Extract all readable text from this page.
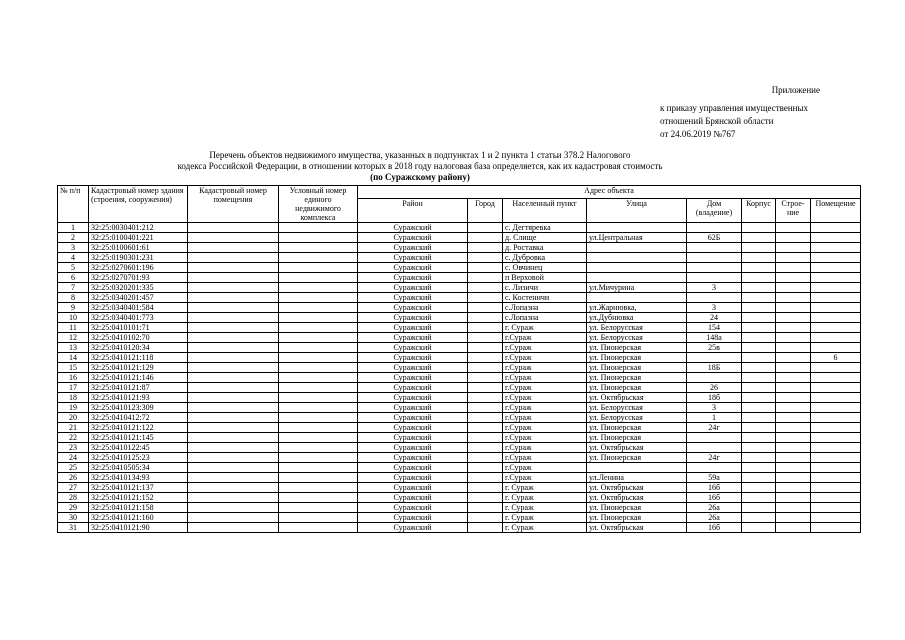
Приложение
к приказу управления имущественных
отношений Брянской области
от 24.06.2019 №767
Перечень объектов недвижимого имущества, указанных в подпунктах 1 и 2 пункта 1 статьи 378.2 Налогового
кодекса Российской Федерации, в отношении которых в 2018 году налоговая база определяется, как их кадастровая стоимость
(по Суражскому району)
№ п/п	Кадастровый номер здания (строения, сооружения)	Кадастровый номер помещения	Условный номер единого недвижимого комплекса	Адрес объекта							
				Район	Город	Населенный пункт	Улица	Дом (владение)	Корпус	Строе-ние	Помещение
1	32:25:0030401:212			Суражский		с. Дегтяревка					
2	32:25:0100401:221			Суражский		д. Слище	ул.Центральная	62Б			
3	32:25:0100601:61			Суражский		д. Роставка					
4	32:25:0190301:231			Суражский		с. Дубровка					
5	32:25:0270601:196			Суражский		с. Овчинец					
6	32:25:0270701:93			Суражский		п Верховой					
7	32:25:0320201:335			Суражский		с. Лизичи	ул.Мичурина	3			
8	32:25:0340201:457			Суражский		с. Костеничи					
9	32:25:0340401:584			Суражский		с.Лопазна	ул.Жарнювка,	3			
10	32:25:0340401:773			Суражский		с.Лопазна	ул.Дубнювка	24			
11	32:25:0410101:71			Суражский		г. Сураж	ул. Белорусская	154			
12	32:25:0410102:70			Суражский		г.Сураж	ул. Белорусская	148а			
13	32:25:0410120:34			Суражский		г.Сураж	ул. Пионерская	25в			
14	32:25:0410121:118			Суражский		г.Сураж	ул. Пионерская				6
15	32:25:0410121:129			Суражский		г.Сураж	ул. Пионерская	18Б			
16	32:25:0410121:146			Суражский		г.Сураж	ул. Пионерская				
17	32:25:0410121:87			Суражский		г.Сураж	ул. Пионерская	26			
18	32:25:0410121:93			Суражский		г.Сураж	ул. Октябрьская	18б			
19	32:25:0410123:309			Суражский		г.Сураж	ул. Белорусская	3			
20	32:25:0410412:72			Суражский		г.Сураж	ул. Белорусская	1			
21	32:25:0410121:122			Суражский		г.Сураж	ул. Пионерская	24г			
22	32:25:0410121:145			Суражский		г.Сураж	ул. Пионерская				
23	32:25:0410122:45			Суражский		г.Сураж	ул. Октябрьская				
24	32:25:0410125:23			Суражский		г.Сураж	ул. Пионерская	24г			
25	32:25:0410505:34			Суражский		г.Сураж					
26	32:25:0410134:93			Суражский		г.Сураж	ул.Ленина	59а			
27	32:25:0410121:137			Суражский		г. Сураж	ул. Октябрьская	16б			
28	32:25:0410121:152			Суражский		г. Сураж	ул. Октябрьская	16б			
29	32:25:0410121:158			Суражский		г. Сураж	ул. Пионерская	26а			
30	32:25:0410121:160			Суражский		г. Сураж	ул. Пионерская	26а			
31	32:25:0410121:90			Суражский		г. Сураж	ул. Октябрьская	16б			
